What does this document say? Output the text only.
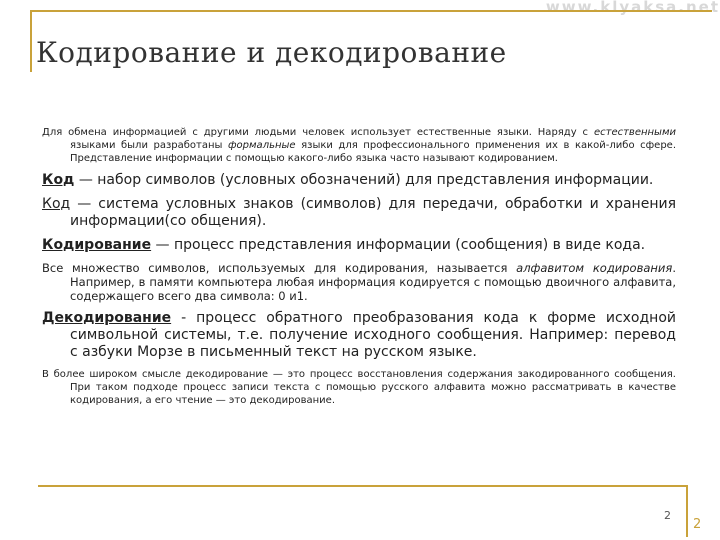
www.klyaksa.net
Кодирование и декодирование

Для обмена информацией с другими людьми человек использует естественные языки. Наряду с естественными языками были разработаны формальные языки для профессионального применения их в какой-либо сфере. Представление информации с помощью какого-либо языка часто называют кодированием.

Код — набор символов (условных обозначений) для представления информации.

Код — система условных знаков (символов) для передачи, обработки и хранения информации(со общения).

Кодирование — процесс представления информации (сообщения) в виде кода.

Все множество символов, используемых для кодирования, называется алфавитом кодирования. Например, в памяти компьютера любая информация кодируется с помощью двоичного алфавита, содержащего всего два символа: 0 и1.

Декодирование - процесс обратного преобразования кода к форме исходной символьной системы, т.е. получение исходного сообщения. Например: перевод с азбуки Морзе в письменный текст на русском языке.

В более широком смысле декодирование — это процесс восстановления содержания закодированного сообщения. При таком подходе процесс записи текста с помощью русского алфавита можно рассматривать в качестве кодирования, а его чтение — это декодирование.

2
2
